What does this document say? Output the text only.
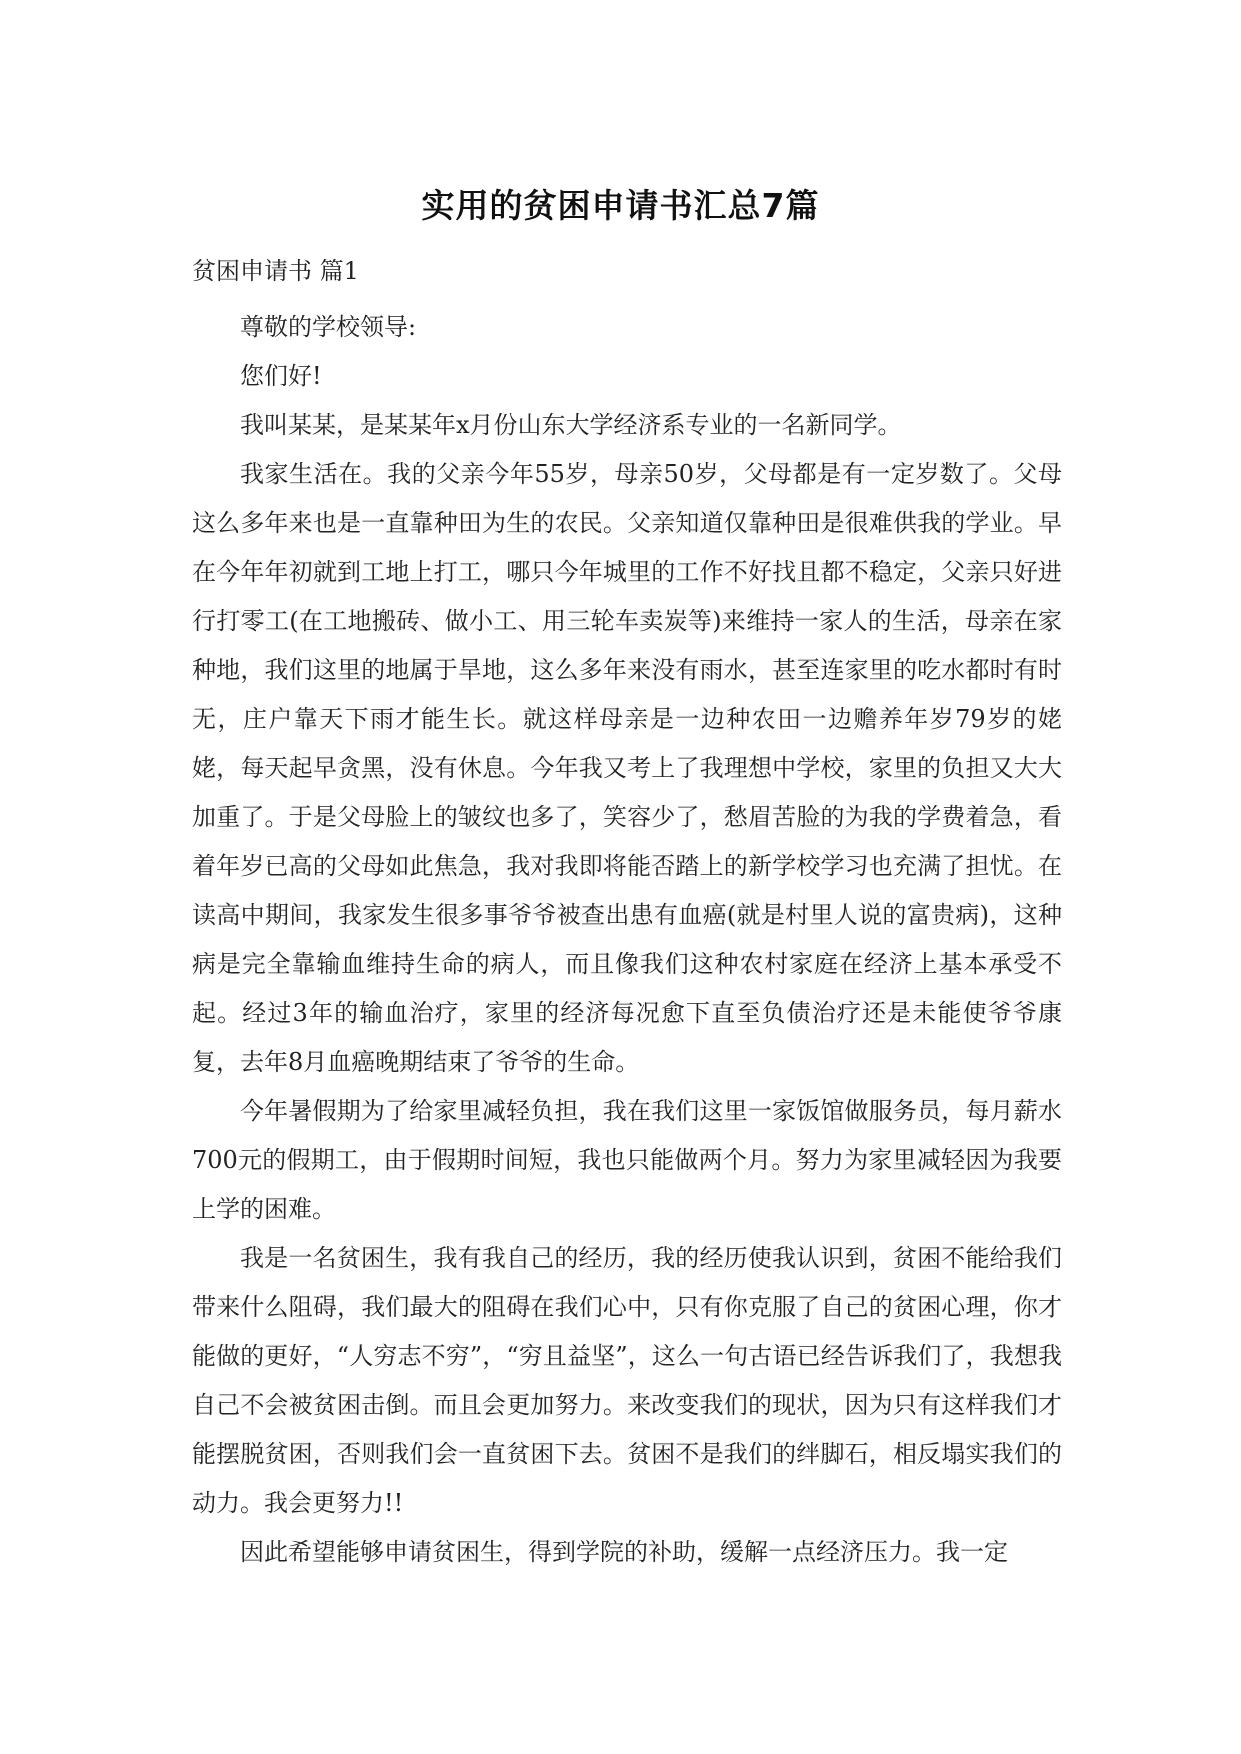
实用的贫困申请书汇总7篇
贫困申请书 篇1

尊敬的学校领导:

您们好!

我叫某某，是某某年x月份山东大学经济系专业的一名新同学。

我家生活在。我的父亲今年55岁，母亲50岁，父母都是有一定岁数了。父母这么多年来也是一直靠种田为生的农民。父亲知道仅靠种田是很难供我的学业。早在今年年初就到工地上打工，哪只今年城里的工作不好找且都不稳定，父亲只好进行打零工(在工地搬砖、做小工、用三轮车卖炭等)来维持一家人的生活，母亲在家种地，我们这里的地属于旱地，这么多年来没有雨水，甚至连家里的吃水都时有时无，庄户靠天下雨才能生长。就这样母亲是一边种农田一边赡养年岁79岁的姥姥，每天起早贪黑，没有休息。今年我又考上了我理想中学校，家里的负担又大大加重了。于是父母脸上的皱纹也多了，笑容少了，愁眉苦脸的为我的学费着急，看着年岁已高的父母如此焦急，我对我即将能否踏上的新学校学习也充满了担忧。在读高中期间，我家发生很多事爷爷被查出患有血癌(就是村里人说的富贵病)，这种病是完全靠输血维持生命的病人，而且像我们这种农村家庭在经济上基本承受不起。经过3年的输血治疗，家里的经济每况愈下直至负债治疗还是未能使爷爷康复，去年8月血癌晚期结束了爷爷的生命。

今年暑假期为了给家里减轻负担，我在我们这里一家饭馆做服务员，每月薪水700元的假期工，由于假期时间短，我也只能做两个月。努力为家里减轻因为我要上学的困难。

我是一名贫困生，我有我自己的经历，我的经历使我认识到，贫困不能给我们带来什么阻碍，我们最大的阻碍在我们心中，只有你克服了自己的贫困心理，你才能做的更好，“人穷志不穷”，“穷且益坚”，这么一句古语已经告诉我们了，我想我自己不会被贫困击倒。而且会更加努力。来改变我们的现状，因为只有这样我们才能摆脱贫困，否则我们会一直贫困下去。贫困不是我们的绊脚石，相反塌实我们的动力。我会更努力!!

因此希望能够申请贫困生，得到学院的补助，缓解一点经济压力。我一定
